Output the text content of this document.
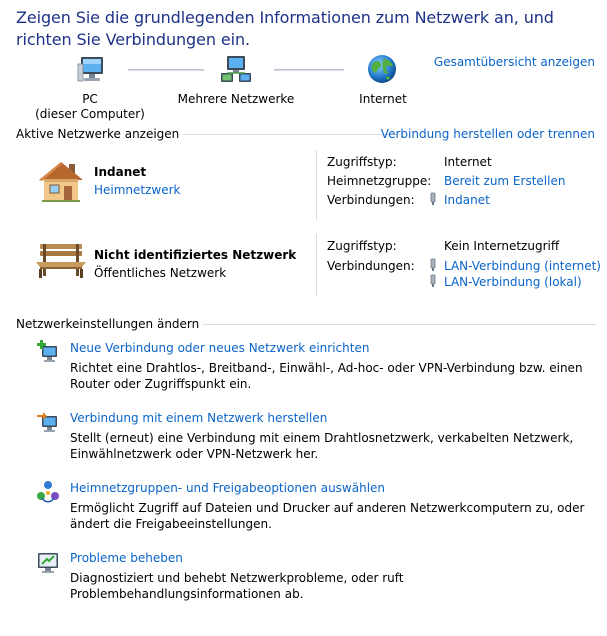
Zeigen Sie die grundlegenden Informationen zum Netzwerk an, und richten Sie Verbindungen ein.
Gesamtübersicht anzeigen
PC
(dieser Computer)
Mehrere Netzwerke	Internet
Aktive Netzwerke anzeigen	Verbindung herstellen oder trennen
Indanet
Heimnetzwerk
Zugriffstyp:	Internet
Heimnetzgruppe: Bereit zum Erstellen
Verbindungen: Indanet
Nicht identifiziertes Netzwerk
Öffentliches Netzwerk
Zugriffstyp:	Kein Internetzugriff
Verbindungen: LAN-Verbindung (internet)
LAN-Verbindung (lokal)
Netzwerkeinstellungen ändern
Neue Verbindung oder neues Netzwerk einrichten
Richtet eine Drahtlos-, Breitband-, Einwähl-, Ad-hoc- oder VPN-Verbindung bzw. einen Router oder Zugriffspunkt ein.
Verbindung mit einem Netzwerk herstellen
Stellt (erneut) eine Verbindung mit einem Drahtlosnetzwerk, verkabelten Netzwerk, Einwählnetzwerk oder VPN-Netzwerk her.
Heimnetzgruppen- und Freigabeoptionen auswählen
Ermöglicht Zugriff auf Dateien und Drucker auf anderen Netzwerkcomputern zu, oder ändert die Freigabeeinstellungen.
Probleme beheben
Diagnostiziert und behebt Netzwerkprobleme, oder ruft Problembehandlungsinformationen ab.
